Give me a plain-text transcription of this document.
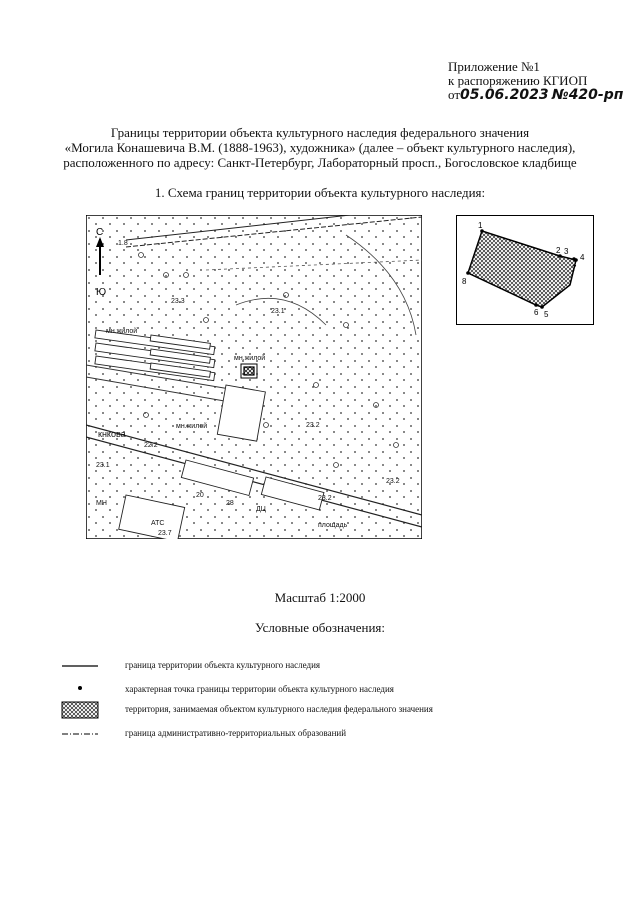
Приложение №1
к распоряжению КГИОП
от05.06.2023 №420-рп
Границы территории объекта культурного наследия федерального значения
«Могила Конашевича В.М. (1888-1963), художника» (далее – объект культурного наследия),
расположенного по адресу: Санкт-Петербург, Лабораторный просп., Богословское кладбище
1. Схема границ территории объекта культурного наследия:
С
Ю
1.8
23.3
23.1
23.2
23.2
23.2
22.2
23.1
23.7
мн.жилой
мн.жилой
мн.жилой
МН
АТС	площадь
20
28
ДЦ
кнкова
1
2 3
4
5
6
7
8
Масштаб 1:2000
Условные обозначения:
граница территории объекта культурного наследия
характерная точка границы территории объекта культурного наследия
территория, занимаемая объектом культурного наследия федерального значения
граница административно-территориальных образований
